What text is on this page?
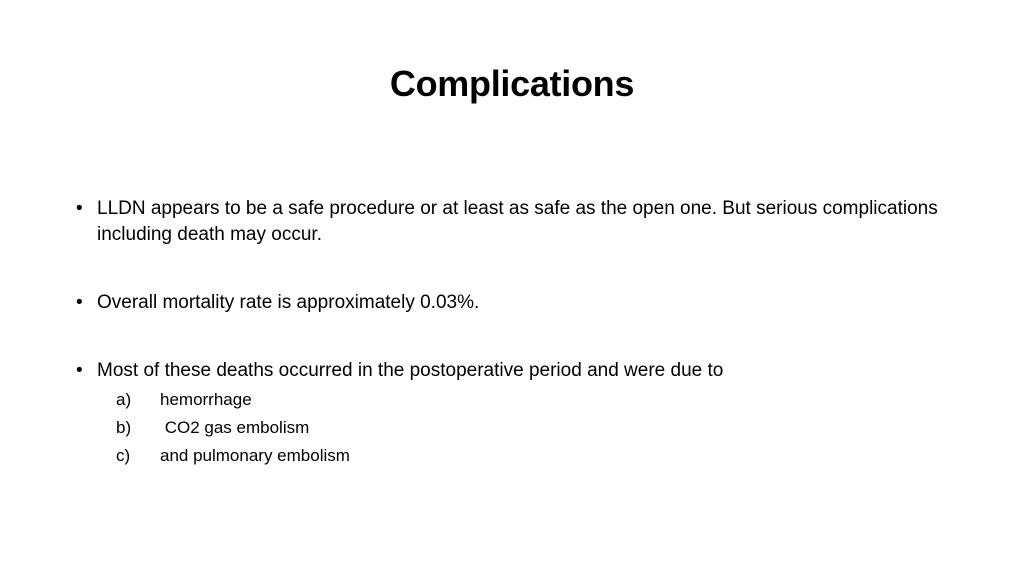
Complications
• LLDN appears to be a safe procedure or at least as safe as the open one. But serious complications including death may occur.
• Overall mortality rate is approximately 0.03%.
• Most of these deaths occurred in the postoperative period and were due to
a) hemorrhage
b) CO2 gas embolism
c) and pulmonary embolism
